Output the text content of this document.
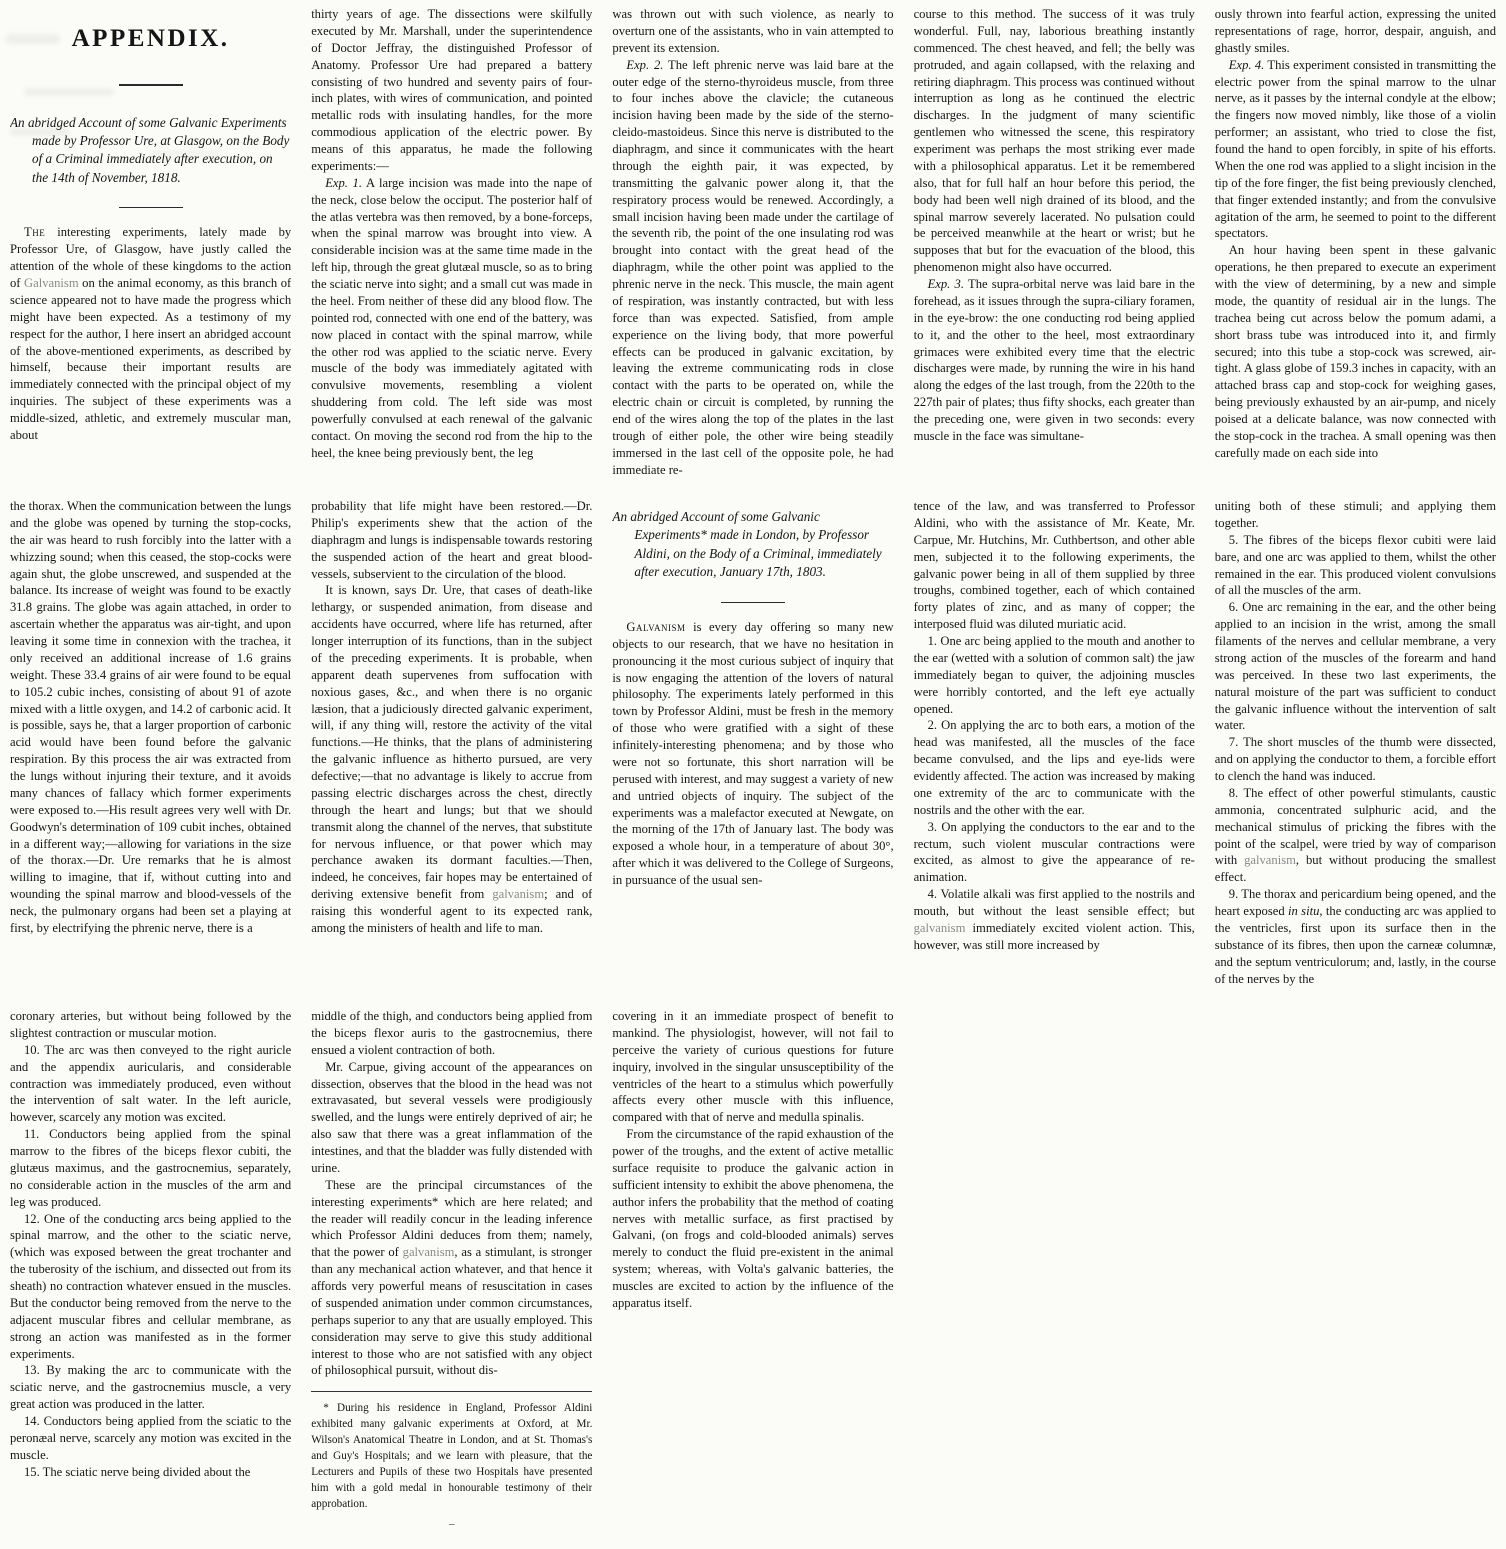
APPENDIX.

An abridged Account of some Galvanic Experiments made by Professor Ure, at Glasgow, on the Body of a Criminal immediately after execution, on the 14th of November, 1818.

The interesting experiments, lately made by Professor Ure, of Glasgow, have justly called the attention of the whole of these kingdoms to the action of Galvanism on the animal economy, as this branch of science appeared not to have made the progress which might have been expected. As a testimony of my respect for the author, I here insert an abridged account of the above-mentioned experiments, as described by himself, because their important results are immediately connected with the principal object of my inquiries. The subject of these experiments was a middle-sized, athletic, and extremely muscular man, about

thirty years of age. The dissections were skilfully executed by Mr. Marshall, under the superintendence of Doctor Jeffray, the distinguished Professor of Anatomy. Professor Ure had prepared a battery consisting of two hundred and seventy pairs of four-inch plates, with wires of communication, and pointed metallic rods with insulating handles, for the more commodious application of the electric power. By means of this apparatus, he made the following experiments:—

Exp. 1. A large incision was made into the nape of the neck, close below the occiput. The posterior half of the atlas vertebra was then removed, by a bone-forceps, when the spinal marrow was brought into view. A considerable incision was at the same time made in the left hip, through the great glutæal muscle, so as to bring the sciatic nerve into sight; and a small cut was made in the heel. From neither of these did any blood flow. The pointed rod, connected with one end of the battery, was now placed in contact with the spinal marrow, while the other rod was applied to the sciatic nerve. Every muscle of the body was immediately agitated with convulsive movements, resembling a violent shuddering from cold. The left side was most powerfully convulsed at each renewal of the galvanic contact. On moving the second rod from the hip to the heel, the knee being previously bent, the leg

was thrown out with such violence, as nearly to overturn one of the assistants, who in vain attempted to prevent its extension.

Exp. 2. The left phrenic nerve was laid bare at the outer edge of the sterno-thyroideus muscle, from three to four inches above the clavicle; the cutaneous incision having been made by the side of the sterno-cleido-mastoideus. Since this nerve is distributed to the diaphragm, and since it communicates with the heart through the eighth pair, it was expected, by transmitting the galvanic power along it, that the respiratory process would be renewed. Accordingly, a small incision having been made under the cartilage of the seventh rib, the point of the one insulating rod was brought into contact with the great head of the diaphragm, while the other point was applied to the phrenic nerve in the neck. This muscle, the main agent of respiration, was instantly contracted, but with less force than was expected. Satisfied, from ample experience on the living body, that more powerful effects can be produced in galvanic excitation, by leaving the extreme communicating rods in close contact with the parts to be operated on, while the electric chain or circuit is completed, by running the end of the wires along the top of the plates in the last trough of either pole, the other wire being steadily immersed in the last cell of the opposite pole, he had immediate re-

course to this method. The success of it was truly wonderful. Full, nay, laborious breathing instantly commenced. The chest heaved, and fell; the belly was protruded, and again collapsed, with the relaxing and retiring diaphragm. This process was continued without interruption as long as he continued the electric discharges. In the judgment of many scientific gentlemen who witnessed the scene, this respiratory experiment was perhaps the most striking ever made with a philosophical apparatus. Let it be remembered also, that for full half an hour before this period, the body had been well nigh drained of its blood, and the spinal marrow severely lacerated. No pulsation could be perceived meanwhile at the heart or wrist; but he supposes that but for the evacuation of the blood, this phenomenon might also have occurred.

Exp. 3. The supra-orbital nerve was laid bare in the forehead, as it issues through the supra-ciliary foramen, in the eye-brow: the one conducting rod being applied to it, and the other to the heel, most extraordinary grimaces were exhibited every time that the electric discharges were made, by running the wire in his hand along the edges of the last trough, from the 220th to the 227th pair of plates; thus fifty shocks, each greater than the preceding one, were given in two seconds: every muscle in the face was simultane-

ously thrown into fearful action, expressing the united representations of rage, horror, despair, anguish, and ghastly smiles.

Exp. 4. This experiment consisted in transmitting the electric power from the spinal marrow to the ulnar nerve, as it passes by the internal condyle at the elbow; the fingers now moved nimbly, like those of a violin performer; an assistant, who tried to close the fist, found the hand to open forcibly, in spite of his efforts. When the one rod was applied to a slight incision in the tip of the fore finger, the fist being previously clenched, that finger extended instantly; and from the convulsive agitation of the arm, he seemed to point to the different spectators.

An hour having been spent in these galvanic operations, he then prepared to execute an experiment with the view of determining, by a new and simple mode, the quantity of residual air in the lungs. The trachea being cut across below the pomum adami, a short brass tube was introduced into it, and firmly secured; into this tube a stop-cock was screwed, air-tight. A glass globe of 159.3 inches in capacity, with an attached brass cap and stop-cock for weighing gases, being previously exhausted by an air-pump, and nicely poised at a delicate balance, was now connected with the stop-cock in the trachea. A small opening was then carefully made on each side into

the thorax. When the communication between the lungs and the globe was opened by turning the stop-cocks, the air was heard to rush forcibly into the latter with a whizzing sound; when this ceased, the stop-cocks were again shut, the globe unscrewed, and suspended at the balance. Its increase of weight was found to be exactly 31.8 grains. The globe was again attached, in order to ascertain whether the apparatus was air-tight, and upon leaving it some time in connexion with the trachea, it only received an additional increase of 1.6 grains weight. These 33.4 grains of air were found to be equal to 105.2 cubic inches, consisting of about 91 of azote mixed with a little oxygen, and 14.2 of carbonic acid. It is possible, says he, that a larger proportion of carbonic acid would have been found before the galvanic respiration. By this process the air was extracted from the lungs without injuring their texture, and it avoids many chances of fallacy which former experiments were exposed to.—His result agrees very well with Dr. Goodwyn's determination of 109 cubit inches, obtained in a different way;—allowing for variations in the size of the thorax.—Dr. Ure remarks that he is almost willing to imagine, that if, without cutting into and wounding the spinal marrow and blood-vessels of the neck, the pulmonary organs had been set a playing at first, by electrifying the phrenic nerve, there is a

probability that life might have been restored.—Dr. Philip's experiments shew that the action of the diaphragm and lungs is indispensable towards restoring the suspended action of the heart and great blood-vessels, subservient to the circulation of the blood.

It is known, says Dr. Ure, that cases of death-like lethargy, or suspended animation, from disease and accidents have occurred, where life has returned, after longer interruption of its functions, than in the subject of the preceding experiments. It is probable, when apparent death supervenes from suffocation with noxious gases, &c., and when there is no organic læsion, that a judiciously directed galvanic experiment, will, if any thing will, restore the activity of the vital functions.—He thinks, that the plans of administering the galvanic influence as hitherto pursued, are very defective;—that no advantage is likely to accrue from passing electric discharges across the chest, directly through the heart and lungs; but that we should transmit along the channel of the nerves, that substitute for nervous influence, or that power which may perchance awaken its dormant faculties.—Then, indeed, he conceives, fair hopes may be entertained of deriving extensive benefit from galvanism; and of raising this wonderful agent to its expected rank, among the ministers of health and life to man.

An abridged Account of some Galvanic Experiments* made in London, by Professor Aldini, on the Body of a Criminal, immediately after execution, January 17th, 1803.

Galvanism is every day offering so many new objects to our research, that we have no hesitation in pronouncing it the most curious subject of inquiry that is now engaging the attention of the lovers of natural philosophy. The experiments lately performed in this town by Professor Aldini, must be fresh in the memory of those who were gratified with a sight of these infinitely-interesting phenomena; and by those who were not so fortunate, this short narration will be perused with interest, and may suggest a variety of new and untried objects of inquiry. The subject of the experiments was a malefactor executed at Newgate, on the morning of the 17th of January last. The body was exposed a whole hour, in a temperature of about 30°, after which it was delivered to the College of Surgeons, in pursuance of the usual sen-

tence of the law, and was transferred to Professor Aldini, who with the assistance of Mr. Keate, Mr. Carpue, Mr. Hutchins, Mr. Cuthbertson, and other able men, subjected it to the following experiments, the galvanic power being in all of them supplied by three troughs, combined together, each of which contained forty plates of zinc, and as many of copper; the interposed fluid was diluted muriatic acid.

1. One arc being applied to the mouth and another to the ear (wetted with a solution of common salt) the jaw immediately began to quiver, the adjoining muscles were horribly contorted, and the left eye actually opened.

2. On applying the arc to both ears, a motion of the head was manifested, all the muscles of the face became convulsed, and the lips and eye-lids were evidently affected. The action was increased by making one extremity of the arc to communicate with the nostrils and the other with the ear.

3. On applying the conductors to the ear and to the rectum, such violent muscular contractions were excited, as almost to give the appearance of re-animation.

4. Volatile alkali was first applied to the nostrils and mouth, but without the least sensible effect; but galvanism immediately excited violent action. This, however, was still more increased by

uniting both of these stimuli; and applying them together.

5. The fibres of the biceps flexor cubiti were laid bare, and one arc was applied to them, whilst the other remained in the ear. This produced violent convulsions of all the muscles of the arm.

6. One arc remaining in the ear, and the other being applied to an incision in the wrist, among the small filaments of the nerves and cellular membrane, a very strong action of the muscles of the forearm and hand was perceived. In these two last experiments, the natural moisture of the part was sufficient to conduct the galvanic influence without the intervention of salt water.

7. The short muscles of the thumb were dissected, and on applying the conductor to them, a forcible effort to clench the hand was induced.

8. The effect of other powerful stimulants, caustic ammonia, concentrated sulphuric acid, and the mechanical stimulus of pricking the fibres with the point of the scalpel, were tried by way of comparison with galvanism, but without producing the smallest effect.

9. The thorax and pericardium being opened, and the heart exposed in situ, the conducting arc was applied to the ventricles, first upon its surface then in the substance of its fibres, then upon the carneæ columnæ, and the septum ventriculorum; and, lastly, in the course of the nerves by the

coronary arteries, but without being followed by the slightest contraction or muscular motion.

10. The arc was then conveyed to the right auricle and the appendix auricularis, and considerable contraction was immediately produced, even without the intervention of salt water. In the left auricle, however, scarcely any motion was excited.

11. Conductors being applied from the spinal marrow to the fibres of the biceps flexor cubiti, the glutæus maximus, and the gastrocnemius, separately, no considerable action in the muscles of the arm and leg was produced.

12. One of the conducting arcs being applied to the spinal marrow, and the other to the sciatic nerve, (which was exposed between the great trochanter and the tuberosity of the ischium, and dissected out from its sheath) no contraction whatever ensued in the muscles. But the conductor being removed from the nerve to the adjacent muscular fibres and cellular membrane, as strong an action was manifested as in the former experiments.

13. By making the arc to communicate with the sciatic nerve, and the gastrocnemius muscle, a very great action was produced in the latter.

14. Conductors being applied from the sciatic to the peronæal nerve, scarcely any motion was excited in the muscle.

15. The sciatic nerve being divided about the

middle of the thigh, and conductors being applied from the biceps flexor auris to the gastrocnemius, there ensued a violent contraction of both.

Mr. Carpue, giving account of the appearances on dissection, observes that the blood in the head was not extravasated, but several vessels were prodigiously swelled, and the lungs were entirely deprived of air; he also saw that there was a great inflammation of the intestines, and that the bladder was fully distended with urine.

These are the principal circumstances of the interesting experiments* which are here related; and the reader will readily concur in the leading inference which Professor Aldini deduces from them; namely, that the power of galvanism, as a stimulant, is stronger than any mechanical action whatever, and that hence it affords very powerful means of resuscitation in cases of suspended animation under common circumstances, perhaps superior to any that are usually employed. This consideration may serve to give this study additional interest to those who are not satisfied with any object of philosophical pursuit, without dis-

* During his residence in England, Professor Aldini exhibited many galvanic experiments at Oxford, at Mr. Wilson's Anatomical Theatre in London, and at St. Thomas's and Guy's Hospitals; and we learn with pleasure, that the Lecturers and Pupils of these two Hospitals have presented him with a gold medal in honourable testimony of their approbation.

–

covering in it an immediate prospect of benefit to mankind. The physiologist, however, will not fail to perceive the variety of curious questions for future inquiry, involved in the singular unsusceptibility of the ventricles of the heart to a stimulus which powerfully affects every other muscle with this influence, compared with that of nerve and medulla spinalis.

From the circumstance of the rapid exhaustion of the power of the troughs, and the extent of active metallic surface requisite to produce the galvanic action in sufficient intensity to exhibit the above phenomena, the author infers the probability that the method of coating nerves with metallic surface, as first practised by Galvani, (on frogs and cold-blooded animals) serves merely to conduct the fluid pre-existent in the animal system; whereas, with Volta's galvanic batteries, the muscles are excited to action by the influence of the apparatus itself.
